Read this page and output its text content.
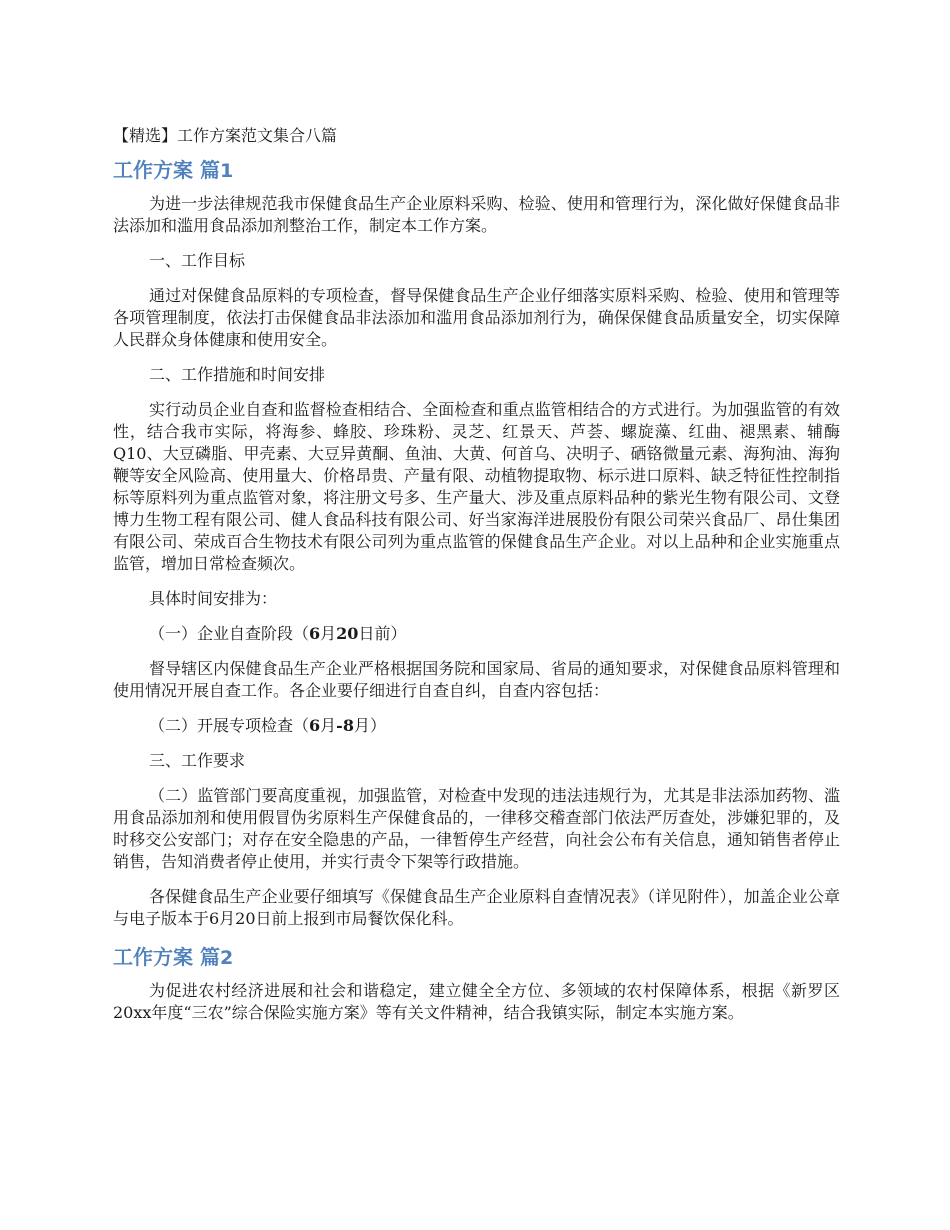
【精选】工作方案范文集合八篇
工作方案 篇1

为进一步法律规范我市保健食品生产企业原料采购、检验、使用和管理行为，深化做好保健食品非法添加和滥用食品添加剂整治工作，制定本工作方案。

一、工作目标

通过对保健食品原料的专项检查，督导保健食品生产企业仔细落实原料采购、检验、使用和管理等各项管理制度，依法打击保健食品非法添加和滥用食品添加剂行为，确保保健食品质量安全，切实保障人民群众身体健康和使用安全。

二、工作措施和时间安排

实行动员企业自查和监督检查相结合、全面检查和重点监管相结合的方式进行。为加强监管的有效性，结合我市实际，将海参、蜂胶、珍珠粉、灵芝、红景天、芦荟、螺旋藻、红曲、褪黑素、辅酶Q10、大豆磷脂、甲壳素、大豆异黄酮、鱼油、大黄、何首乌、决明子、硒铬微量元素、海狗油、海狗鞭等安全风险高、使用量大、价格昂贵、产量有限、动植物提取物、标示进口原料、缺乏特征性控制指标等原料列为重点监管对象，将注册文号多、生产量大、涉及重点原料品种的紫光生物有限公司、文登博力生物工程有限公司、健人食品科技有限公司、好当家海洋进展股份有限公司荣兴食品厂、昂仕集团有限公司、荣成百合生物技术有限公司列为重点监管的保健食品生产企业。对以上品种和企业实施重点监管，增加日常检查频次。

具体时间安排为：

（一）企业自查阶段（6月20日前）

督导辖区内保健食品生产企业严格根据国务院和国家局、省局的通知要求，对保健食品原料管理和使用情况开展自查工作。各企业要仔细进行自查自纠，自查内容包括：

（二）开展专项检查（6月-8月）

三、工作要求

（二）监管部门要高度重视，加强监管，对检查中发现的违法违规行为，尤其是非法添加药物、滥用食品添加剂和使用假冒伪劣原料生产保健食品的，一律移交稽查部门依法严厉查处，涉嫌犯罪的，及时移交公安部门；对存在安全隐患的产品，一律暂停生产经营，向社会公布有关信息，通知销售者停止销售，告知消费者停止使用，并实行责令下架等行政措施。

各保健食品生产企业要仔细填写《保健食品生产企业原料自查情况表》（详见附件），加盖企业公章与电子版本于6月20日前上报到市局餐饮保化科。

工作方案 篇2

为促进农村经济进展和社会和谐稳定，建立健全全方位、多领域的农村保障体系，根据《新罗区20xx年度“三农”综合保险实施方案》等有关文件精神，结合我镇实际，制定本实施方案。
